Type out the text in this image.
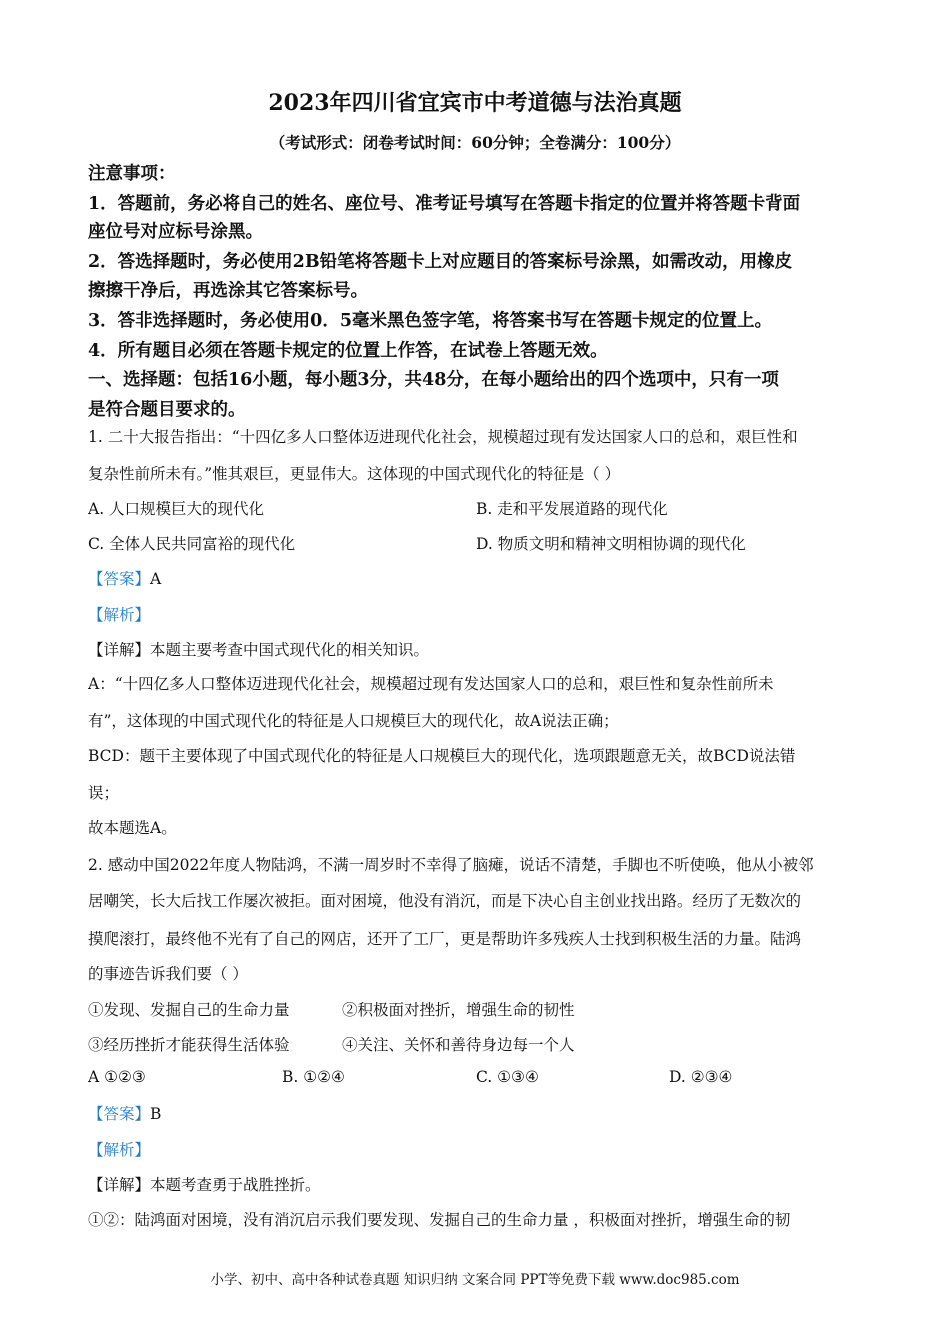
2023年四川省宜宾市中考道德与法治真题
（考试形式：闭卷考试时间：60分钟；全卷满分：100分）
注意事项：
1．答题前，务必将自己的姓名、座位号、准考证号填写在答题卡指定的位置并将答题卡背面
座位号对应标号涂黑。
2．答选择题时，务必使用2B铅笔将答题卡上对应题目的答案标号涂黑，如需改动，用橡皮
擦擦干净后，再选涂其它答案标号。
3．答非选择题时，务必使用0．5毫米黑色签字笔，将答案书写在答题卡规定的位置上。
4．所有题目必须在答题卡规定的位置上作答，在试卷上答题无效。
一、选择题：包括16小题，每小题3分，共48分，在每小题给出的四个选项中，只有一项
是符合题目要求的。
1. 二十大报告指出：“十四亿多人口整体迈进现代化社会，规模超过现有发达国家人口的总和，艰巨性和
复杂性前所未有。”惟其艰巨，更显伟大。这体现的中国式现代化的特征是（ ）
A. 人口规模巨大的现代化	B. 走和平发展道路的现代化
C. 全体人民共同富裕的现代化	D. 物质文明和精神文明相协调的现代化
【答案】A
【解析】
【详解】本题主要考查中国式现代化的相关知识。
A：“十四亿多人口整体迈进现代化社会，规模超过现有发达国家人口的总和，艰巨性和复杂性前所未
有”，这体现的中国式现代化的特征是人口规模巨大的现代化，故A说法正确；
BCD：题干主要体现了中国式现代化的特征是人口规模巨大的现代化，选项跟题意无关，故BCD说法错
误；
故本题选A。
2. 感动中国2022年度人物陆鸿，不满一周岁时不幸得了脑瘫，说话不清楚，手脚也不听使唤，他从小被邻
居嘲笑，长大后找工作屡次被拒。面对困境，他没有消沉，而是下决心自主创业找出路。经历了无数次的
摸爬滚打，最终他不光有了自己的网店，还开了工厂，更是帮助许多残疾人士找到积极生活的力量。陆鸿
的事迹告诉我们要（ ）
①发现、发掘自己的生命力量	②积极面对挫折，增强生命的韧性
③经历挫折才能获得生活体验	④关注、关怀和善待身边每一个人
A ①②③	B. ①②④	C. ①③④	D. ②③④
【答案】B
【解析】
【详解】本题考查勇于战胜挫折。
①②：陆鸿面对困境，没有消沉启示我们要发现、发掘自己的生命力量 ，积极面对挫折，增强生命的韧
小学、初中、高中各种试卷真题 知识归纳 文案合同 PPT等免费下载 www.doc985.com
